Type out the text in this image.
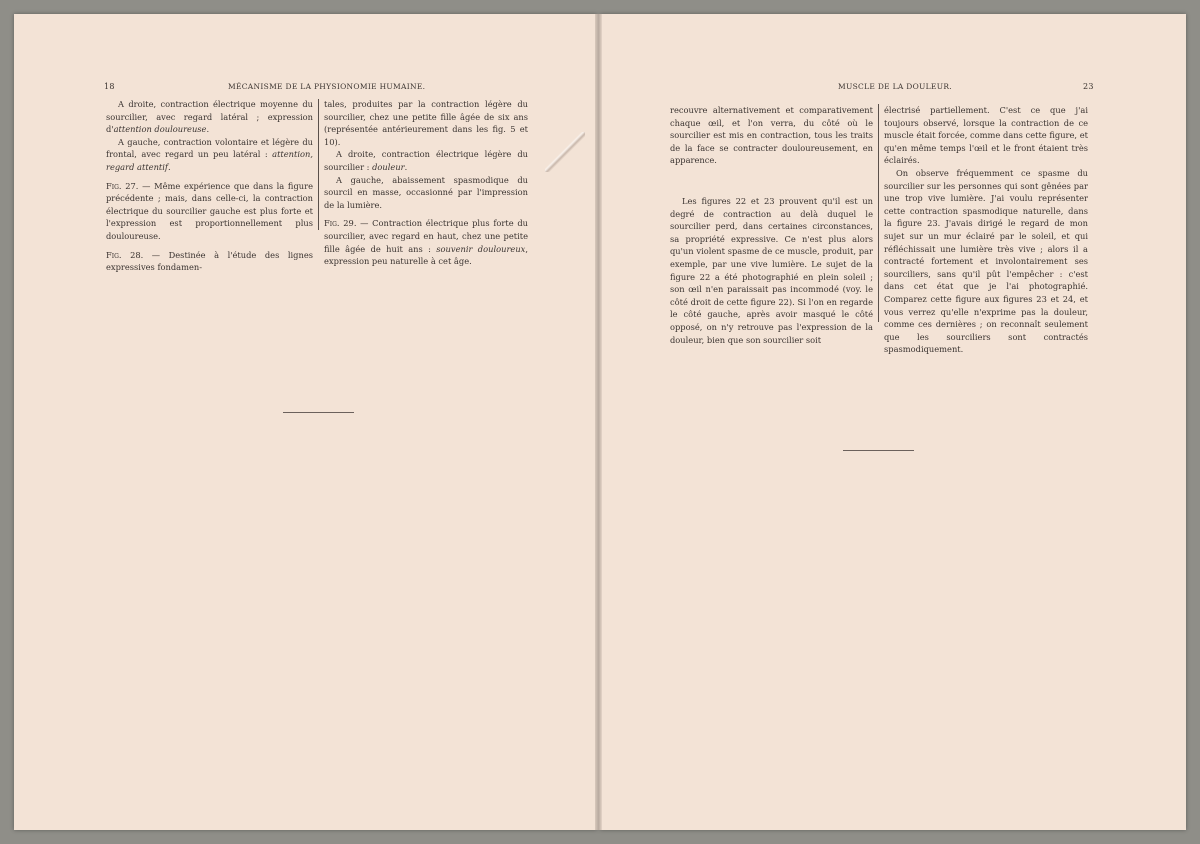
18	MÉCANISME DE LA PHYSIONOMIE HUMAINE.

A droite, contraction électrique moyenne du sourcilier, avec regard latéral ; expression d'attention douloureuse.

A gauche, contraction volontaire et légère du frontal, avec regard un peu latéral : attention, regard attentif.

Fig. 27. — Même expérience que dans la figure précédente ; mais, dans celle-ci, la contraction électrique du sourcilier gauche est plus forte et l'expression est proportionnellement plus douloureuse.

Fig. 28. — Destinée à l'étude des lignes expressives fondamen-

tales, produites par la contraction légère du sourcilier, chez une petite fille âgée de six ans (représentée antérieurement dans les fig. 5 et 10).

A droite, contraction électrique légère du sourcilier : douleur.

A gauche, abaissement spasmodique du sourcil en masse, occasionné par l'impression de la lumière.

Fig. 29. — Contraction électrique plus forte du sourcilier, avec regard en haut, chez une petite fille âgée de huit ans : souvenir douloureux, expression peu naturelle à cet âge.

MUSCLE DE LA DOULEUR.	23

recouvre alternativement et comparativement chaque œil, et l'on verra, du côté où le sourcilier est mis en contraction, tous les traits de la face se contracter douloureusement, en apparence.

Les figures 22 et 23 prouvent qu'il est un degré de contraction au delà duquel le sourcilier perd, dans certaines circonstances, sa propriété expressive. Ce n'est plus alors qu'un violent spasme de ce muscle, produit, par exemple, par une vive lumière. Le sujet de la figure 22 a été photographié en plein soleil ; son œil n'en paraissait pas incommodé (voy. le côté droit de cette figure 22). Si l'on en regarde le côté gauche, après avoir masqué le côté opposé, on n'y retrouve pas l'expression de la douleur, bien que son sourcilier soit

électrisé partiellement. C'est ce que j'ai toujours observé, lorsque la contraction de ce muscle était forcée, comme dans cette figure, et qu'en même temps l'œil et le front étaient très éclairés.

On observe fréquemment ce spasme du sourcilier sur les personnes qui sont gênées par une trop vive lumière. J'ai voulu représenter cette contraction spasmodique naturelle, dans la figure 23. J'avais dirigé le regard de mon sujet sur un mur éclairé par le soleil, et qui réfléchissait une lumière très vive ; alors il a contracté fortement et involontairement ses sourciliers, sans qu'il pût l'empêcher : c'est dans cet état que je l'ai photographié. Comparez cette figure aux figures 23 et 24, et vous verrez qu'elle n'exprime pas la douleur, comme ces dernières ; on reconnaît seulement que les sourciliers sont contractés spasmodiquement.
